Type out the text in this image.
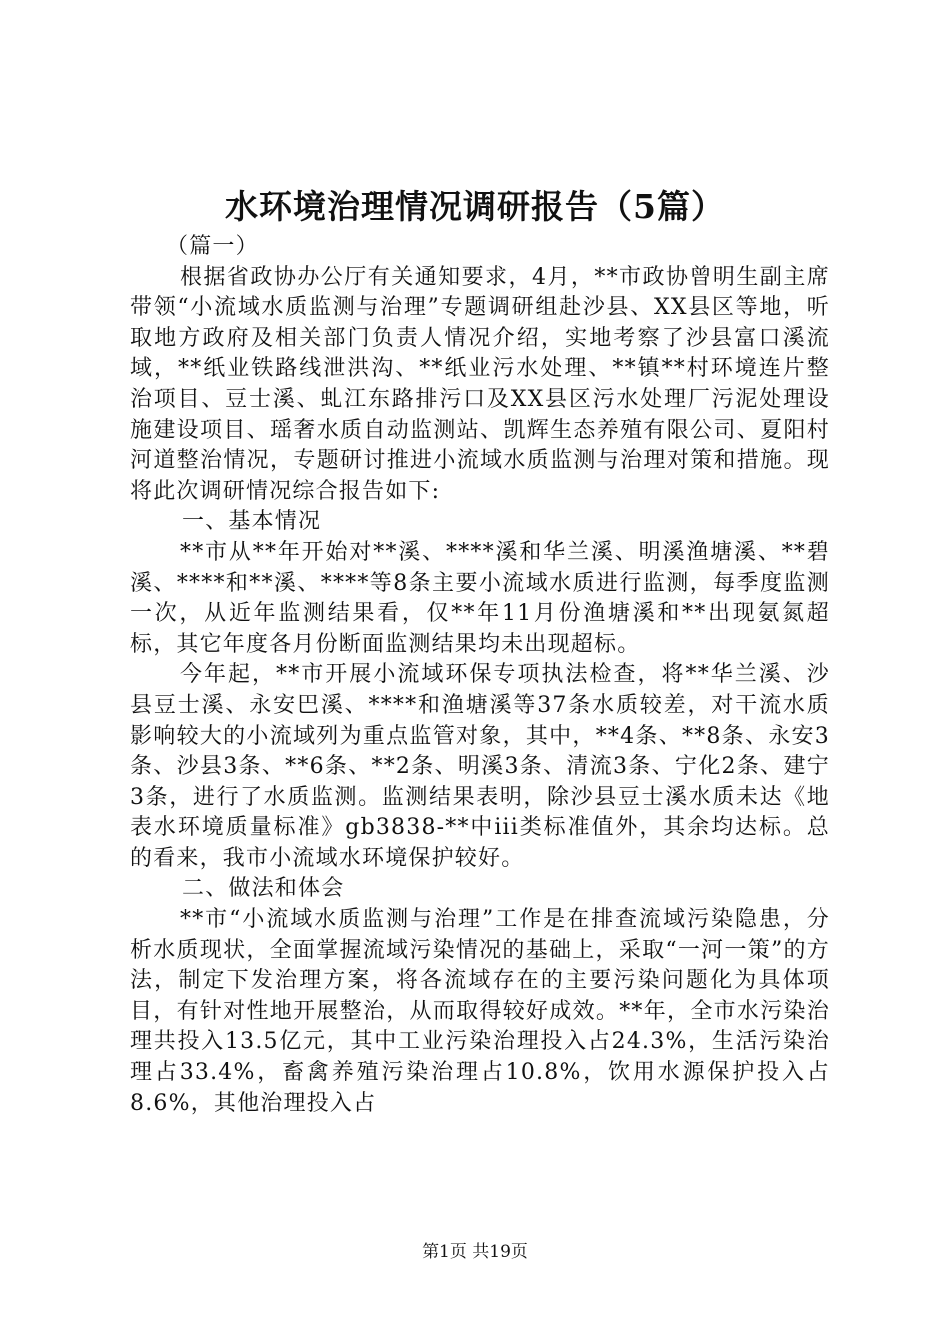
水环境治理情况调研报告（5篇）

（篇一）

根据省政协办公厅有关通知要求，4月，**市政协曾明生副主席带领“小流域水质监测与治理”专题调研组赴沙县、XX县区等地，听取地方政府及相关部门负责人情况介绍，实地考察了沙县富口溪流域，**纸业铁路线泄洪沟、**纸业污水处理、**镇**村环境连片整治项目、豆士溪、虬江东路排污口及XX县区污水处理厂污泥处理设施建设项目、瑶奢水质自动监测站、凯辉生态养殖有限公司、夏阳村河道整治情况，专题研讨推进小流域水质监测与治理对策和措施。现将此次调研情况综合报告如下:

一、基本情况

**市从**年开始对**溪、****溪和华兰溪、明溪渔塘溪、**碧溪、****和**溪、****等8条主要小流域水质进行监测，每季度监测一次，从近年监测结果看，仅**年11月份渔塘溪和**出现氨氮超标，其它年度各月份断面监测结果均未出现超标。

今年起，**市开展小流域环保专项执法检查，将**华兰溪、沙县豆士溪、永安巴溪、****和渔塘溪等37条水质较差，对干流水质影响较大的小流域列为重点监管对象，其中，**4条、**8条、永安3条、沙县3条、**6条、**2条、明溪3条、清流3条、宁化2条、建宁3条，进行了水质监测。监测结果表明，除沙县豆士溪水质未达《地表水环境质量标准》gb3838-**中iii类标准值外，其余均达标。总的看来，我市小流域水环境保护较好。

二、做法和体会

**市“小流域水质监测与治理”工作是在排查流域污染隐患，分析水质现状，全面掌握流域污染情况的基础上，采取“一河一策”的方法，制定下发治理方案，将各流域存在的主要污染问题化为具体项目，有针对性地开展整治，从而取得较好成效。**年，全市水污染治理共投入13.5亿元，其中工业污染治理投入占24.3%，生活污染治理占33.4%，畜禽养殖污染治理占10.8%，饮用水源保护投入占8.6%，其他治理投入占

第1页 共19页
